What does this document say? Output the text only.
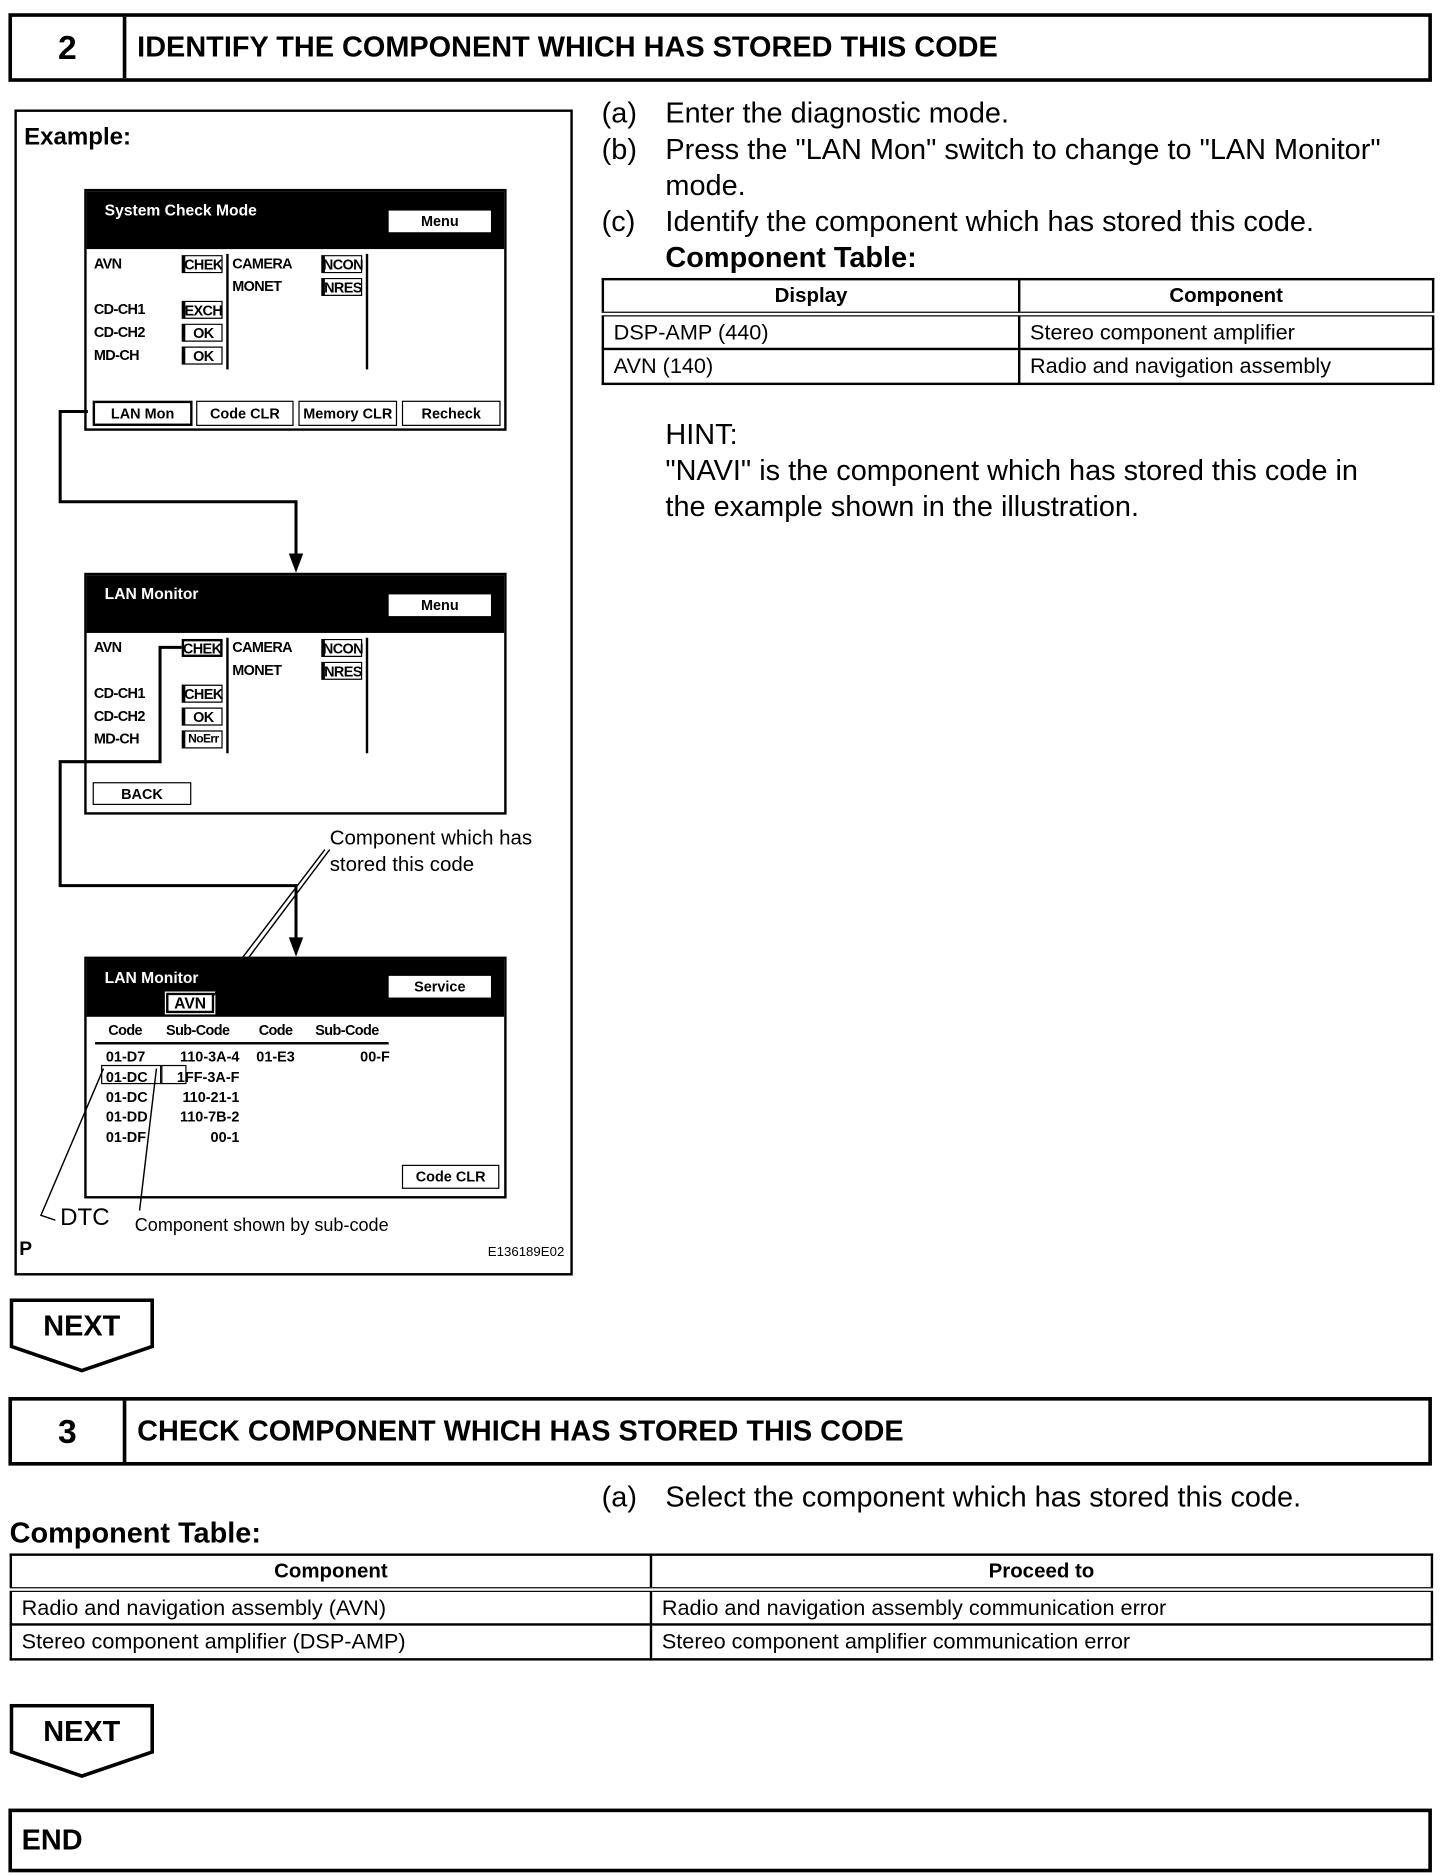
2	IDENTIFY THE COMPONENT WHICH HAS STORED THIS CODE
Example:
System Check Mode
Menu
AVN	CHEK
CD-CH1	EXCH
CD-CH2	OK
MD-CH	OK
CAMERA	NCON
MONET	NRES
LAN Mon	Code CLR	Memory CLR	Recheck
LAN Monitor
Menu
AVN	CHEK
CD-CH1	CHEK
CD-CH2	OK
MD-CH	NoErr
CAMERA	NCON
MONET	NRES
BACK
LAN Monitor
AVN
Service
Code Sub-Code Code Sub-Code
01-D7	110-3A-4 01-E3	00-F
01-DC	1FF-3A-F
01-DC	110-21-1
01-DD	110-7B-2
01-DF	00-1
Code CLR
Component which has
stored this code
DTC Component shown by sub-code
P	E136189E02
(a) Enter the diagnostic mode.
(b) Press the "LAN Mon" switch to change to "LAN Monitor"
mode.
(c) Identify the component which has stored this code.
Component Table:
Display	Component
DSP-AMP (440)	Stereo component amplifier
AVN (140)	Radio and navigation assembly
HINT:
"NAVI" is the component which has stored this code in
the example shown in the illustration.
NEXT
3	CHECK COMPONENT WHICH HAS STORED THIS CODE
(a) Select the component which has stored this code.
Component Table:
Component	Proceed to
Radio and navigation assembly (AVN)	Radio and navigation assembly communication error
Stereo component amplifier (DSP-AMP)	Stereo component amplifier communication error
NEXT
END
